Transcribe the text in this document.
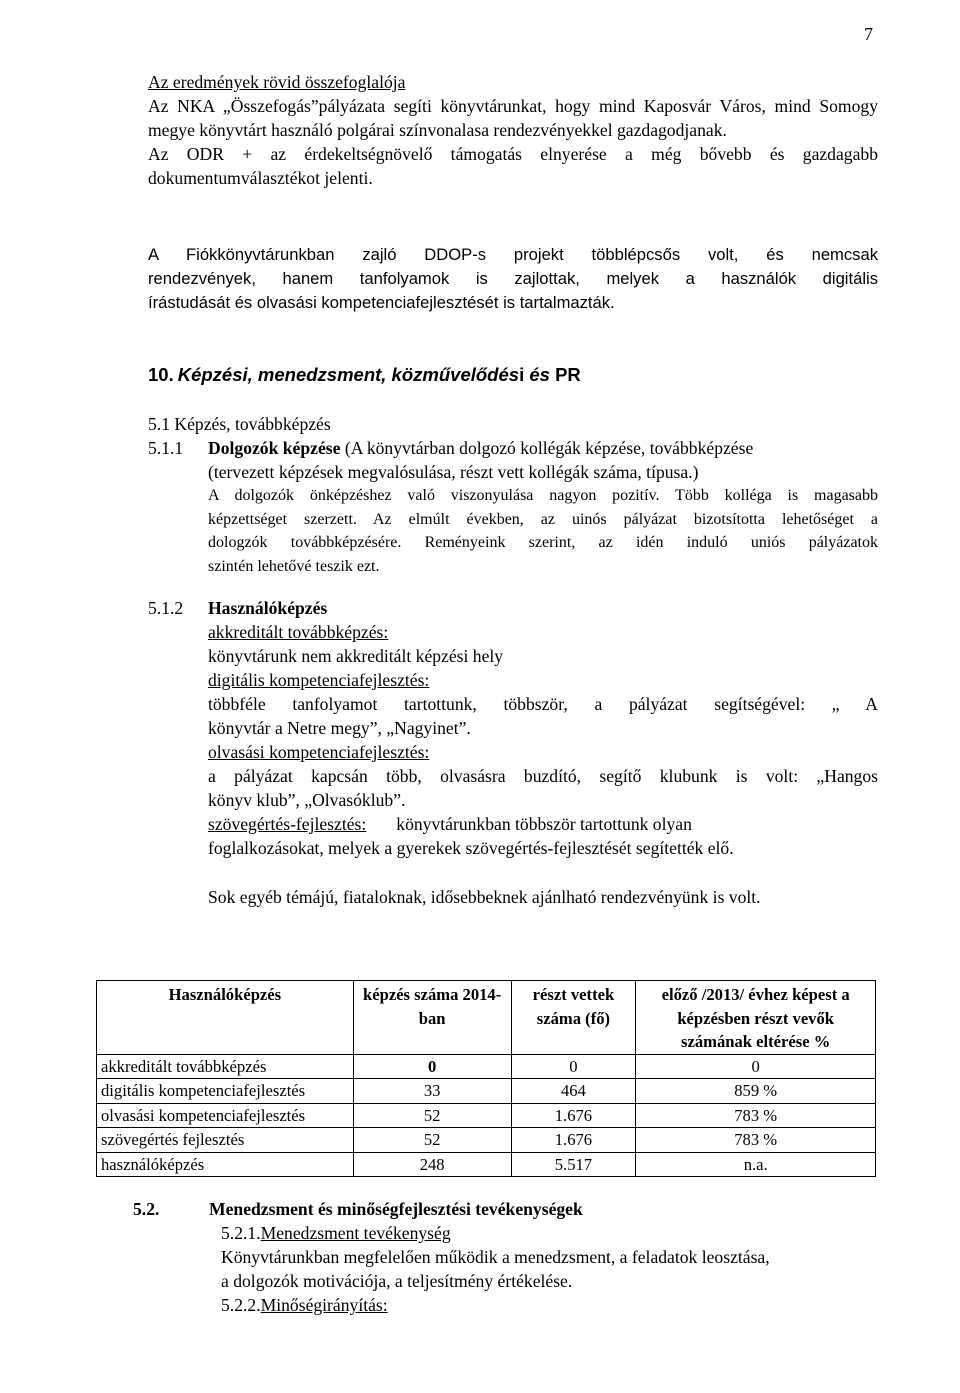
7

Az eredmények rövid összefoglalója

Az NKA „Összefogás”pályázata segíti könyvtárunkat, hogy mind Kaposvár Város, mind Somogy megye könyvtárt használó polgárai színvonalasa rendezvényekkel gazdagodjanak.

Az ODR + az érdekeltségnövelő támogatás elnyerése a még bővebb és gazdagabb dokumentumválasztékot jelenti.

A Fiókkönyvtárunkban zajló DDOP-s projekt többlépcsős volt, és nemcsak
rendezvények, hanem tanfolyamok is zajlottak, melyek a használók digitális
írástudását és olvasási kompetenciafejlesztését is tartalmazták.
10. Képzési, menedzsment, közművelődési és PR
5.1 Képzés, továbbképzés
5.1.1 Dolgozók képzése (A könyvtárban dolgozó kollégák képzése, továbbképzése
(tervezett képzések megvalósulása, részt vett kollégák száma, típusa.)
A dolgozók önképzéshez való viszonyulása nagyon pozitív. Több kolléga is magasabb
képzettséget szerzett. Az elmúlt években, az uinós pályázat bizotsította lehetőséget a
dologzók továbbképzésére. Reményeink szerint, az idén induló uniós pályázatok
szintén lehetővé teszik ezt.
5.1.2 Használóképzés
akkreditált továbbképzés:
könyvtárunk nem akkreditált képzési hely
digitális kompetenciafejlesztés:
többféle tanfolyamot tartottunk, többször, a pályázat segítségével: „ A
könyvtár a Netre megy”, „Nagyinet”.
olvasási kompetenciafejlesztés:
a pályázat kapcsán több, olvasásra buzdító, segítő klubunk is volt: „Hangos
könyv klub”, „Olvasóklub”.
szövegértés-fejlesztés: könyvtárunkban többször tartottunk olyan
foglalkozásokat, melyek a gyerekek szövegértés-fejlesztését segítették elő.
Sok egyéb témájú, fiataloknak, idősebbeknek ajánlható rendezvényünk is volt.
Használóképzés	képzés száma 2014-ban	részt vettek száma (fő)	előző /2013/ évhez képest a képzésben részt vevők számának eltérése %
akkreditált továbbképzés	0	0	0
digitális kompetenciafejlesztés	33	464	859 %
olvasási kompetenciafejlesztés	52	1.676	783 %
szövegértés fejlesztés	52	1.676	783 %
használóképzés	248	5.517	n.a.
5.2.	Menedzsment és minőségfejlesztési tevékenységek
5.2.1.Menedzsment tevékenység
Könyvtárunkban megfelelően működik a menedzsment, a feladatok leosztása,
a dolgozók motivációja, a teljesítmény értékelése.
5.2.2.Minőségirányítás:
